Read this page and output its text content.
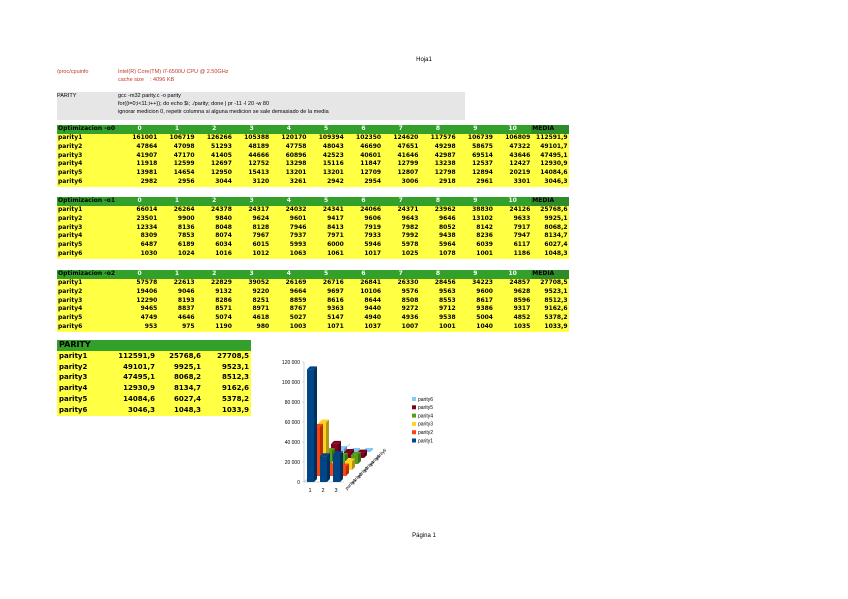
Hoja1
/proc/cpuinfo	Intel(R) Core(TM) i7-6500U CPU @ 2.50GHz
cache size : 4096 KB
PARITY	gcc -m32 parity.c -o parity
for((i=0;i<11;i++)); do echo $i; ./parity; done | pr -11 -l 20 -w 80
ignorar medicion 0, repetir columna si alguna medicion se sale demasiado de la media
Optimizacion -o0	0	1	2	3	4	5	6	7	8	9	10	MEDIA
parity1	161001	106719	126266	105388	120170	109394	102350	124620	117576	106739	106809	112591,9
parity2	47864	47098	51293	48189	47758	48043	46690	47651	49298	58675	47322	49101,7
parity3	41907	47170	41405	44666	60896	42523	40601	41646	42987	69514	43646	47495,1
parity4	11918	12599	12697	12752	13298	15116	11847	12799	13238	12537	12427	12930,9
parity5	13981	14654	12950	15413	13201	13201	12709	12807	12798	12894	20219	14084,6
parity6	2982	2956	3044	3120	3261	2942	2954	3006	2918	2961	3301	3046,3
Optimizacion -o1	0	1	2	3	4	5	6	7	8	9	10	MEDIA
parity1	66014	26264	24378	24317	24032	24341	24066	24371	23962	38830	24126	25768,6
parity2	23501	9900	9840	9624	9601	9417	9606	9643	9646	13102	9633	9925,1
parity3	12334	8136	8048	8128	7946	8413	7919	7982	8052	8142	7917	8068,2
parity4	8309	7853	8074	7967	7937	7971	7933	7992	9438	8236	7947	8134,7
parity5	6487	6189	6034	6015	5993	6000	5946	5978	5964	6039	6117	6027,4
parity6	1030	1024	1016	1012	1063	1061	1017	1025	1078	1001	1186	1048,3
Optimizacion -o2	0	1	2	3	4	5	6	7	8	9	10	MEDIA
parity1	57578	22613	22829	39052	26169	26716	26841	26330	28456	34223	24857	27708,5
parity2	19406	9046	9132	9220	9664	9697	10106	9576	9563	9600	9628	9523,1
parity3	12290	8193	8286	8251	8859	8616	8644	8508	8553	8617	8596	8512,3
parity4	9465	8837	8571	8971	8767	9363	9440	9272	9712	9386	9317	9162,6
parity5	4749	4646	5074	4618	5027	5147	4940	4936	9538	5004	4852	5378,2
parity6	953	975	1190	980	1003	1071	1037	1007	1001	1040	1035	1033,9
PARITY			
parity1	112591,9	25768,6	27708,5
parity2	49101,7	9925,1	9523,1
parity3	47495,1	8068,2	8512,3
parity4	12930,9	8134,7	9162,6
parity5	14084,6	6027,4	5378,2
parity6	3046,3	1048,3	1033,9
0
20 000
40 000
60 000
80 000
100 000
120 000
1 2 3
parity1
parity2
parity3
parity4
parity5
parity6
parity6
parity5
parity4
parity3
parity2
parity1
Página 1
